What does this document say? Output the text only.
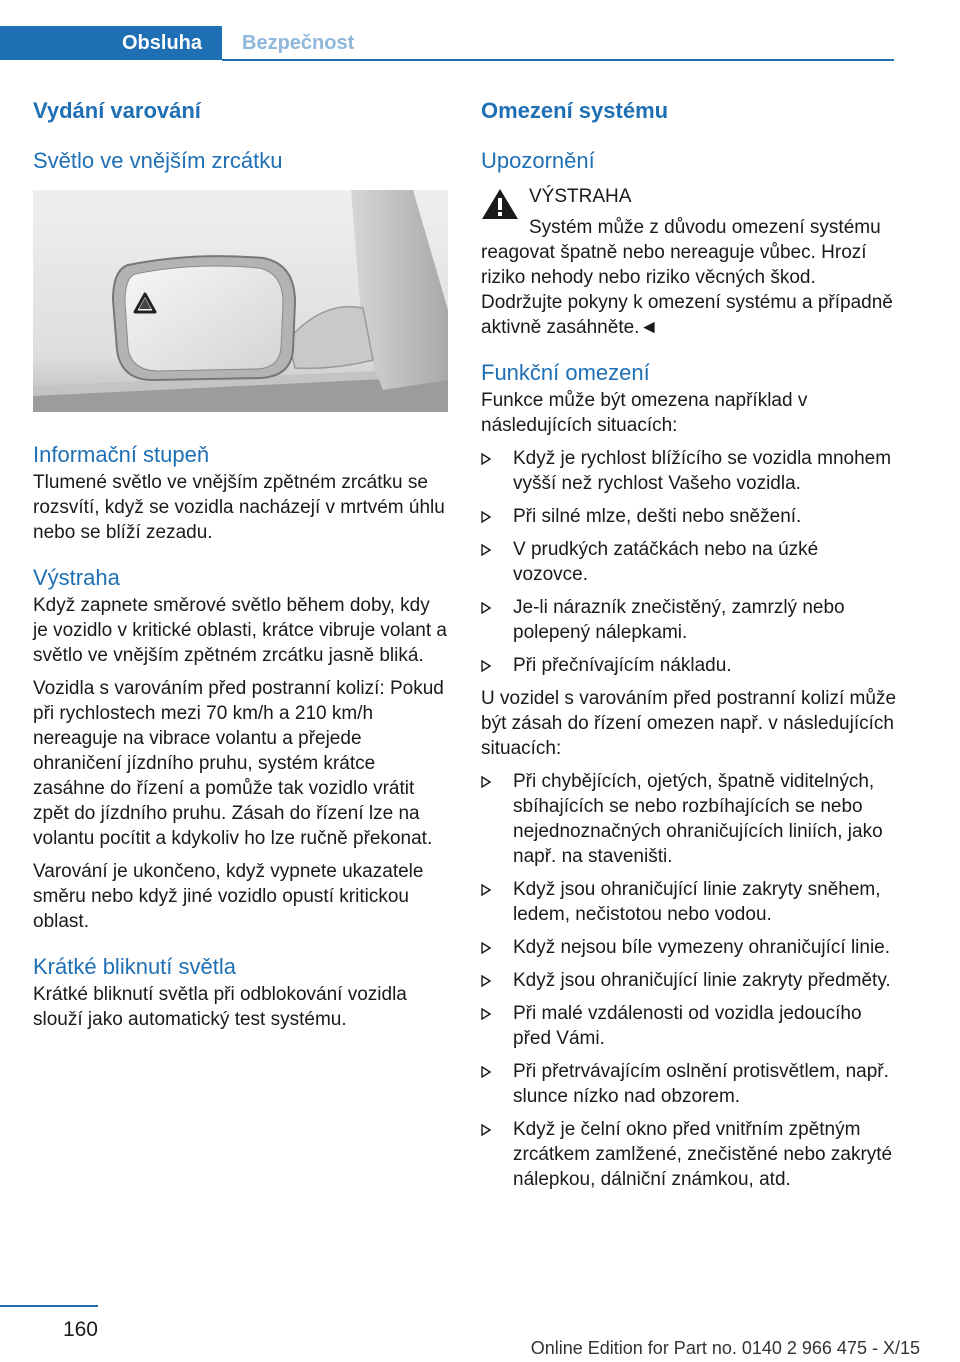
Obsluha	Bezpečnost
Vydání varování
Světlo ve vnějším zrcátku
Informační stupeň

Tlumené světlo ve vnějším zpětném zrcátku se rozsvítí, když se vozidla nacházejí v mrtvém úhlu nebo se blíží zezadu.

Výstraha

Když zapnete směrové světlo během doby, kdy je vozidlo v kritické oblasti, krátce vibruje volant a světlo ve vnějším zpětném zrcátku jasně bliká.

Vozidla s varováním před postranní kolizí: Pokud při rychlostech mezi 70 km/h a 210 km/h nereaguje na vibrace volantu a přejede ohraničení jízdního pruhu, systém krátce zasáhne do řízení a pomůže tak vozidlo vrátit zpět do jízdního pruhu. Zásah do řízení lze na volantu pocítit a kdykoliv ho lze ručně překonat.

Varování je ukončeno, když vypnete ukazatele směru nebo když jiné vozidlo opustí kritickou oblast.

Krátké bliknutí světla

Krátké bliknutí světla při odblokování vozidla slouží jako automatický test systému.

Omezení systému
Upozornění
VÝSTRAHA

Systém může z důvodu omezení systému reagovat špatně nebo nereaguje vůbec. Hrozí riziko nehody nebo riziko věcných škod. Dodržujte pokyny k omezení systému a případně aktivně zasáhněte.◄

Funkční omezení

Funkce může být omezena například v následujících situacích:

Když je rychlost blížícího se vozidla mnohem vyšší než rychlost Vašeho vozidla.
Při silné mlze, dešti nebo sněžení.
V prudkých zatáčkách nebo na úzké vozovce.
Je-li nárazník znečistěný, zamrzlý nebo polepený nálepkami.
Při přečnívajícím nákladu.

U vozidel s varováním před postranní kolizí může být zásah do řízení omezen např. v následujících situacích:

Při chybějících, ojetých, špatně viditelných, sbíhajících se nebo rozbíhajících se nebo nejednoznačných ohraničujících liniích, jako např. na staveništi.
Když jsou ohraničující linie zakryty sněhem, ledem, nečistotou nebo vodou.
Když nejsou bíle vymezeny ohraničující linie.
Když jsou ohraničující linie zakryty předměty.
Při malé vzdálenosti od vozidla jedoucího před Vámi.
Při přetrvávajícím oslnění protisvětlem, např. slunce nízko nad obzorem.
Když je čelní okno před vnitřním zpětným zrcátkem zamlžené, znečistěné nebo zakryté nálepkou, dálniční známkou, atd.
160
Online Edition for Part no. 0140 2 966 475 - X/15
